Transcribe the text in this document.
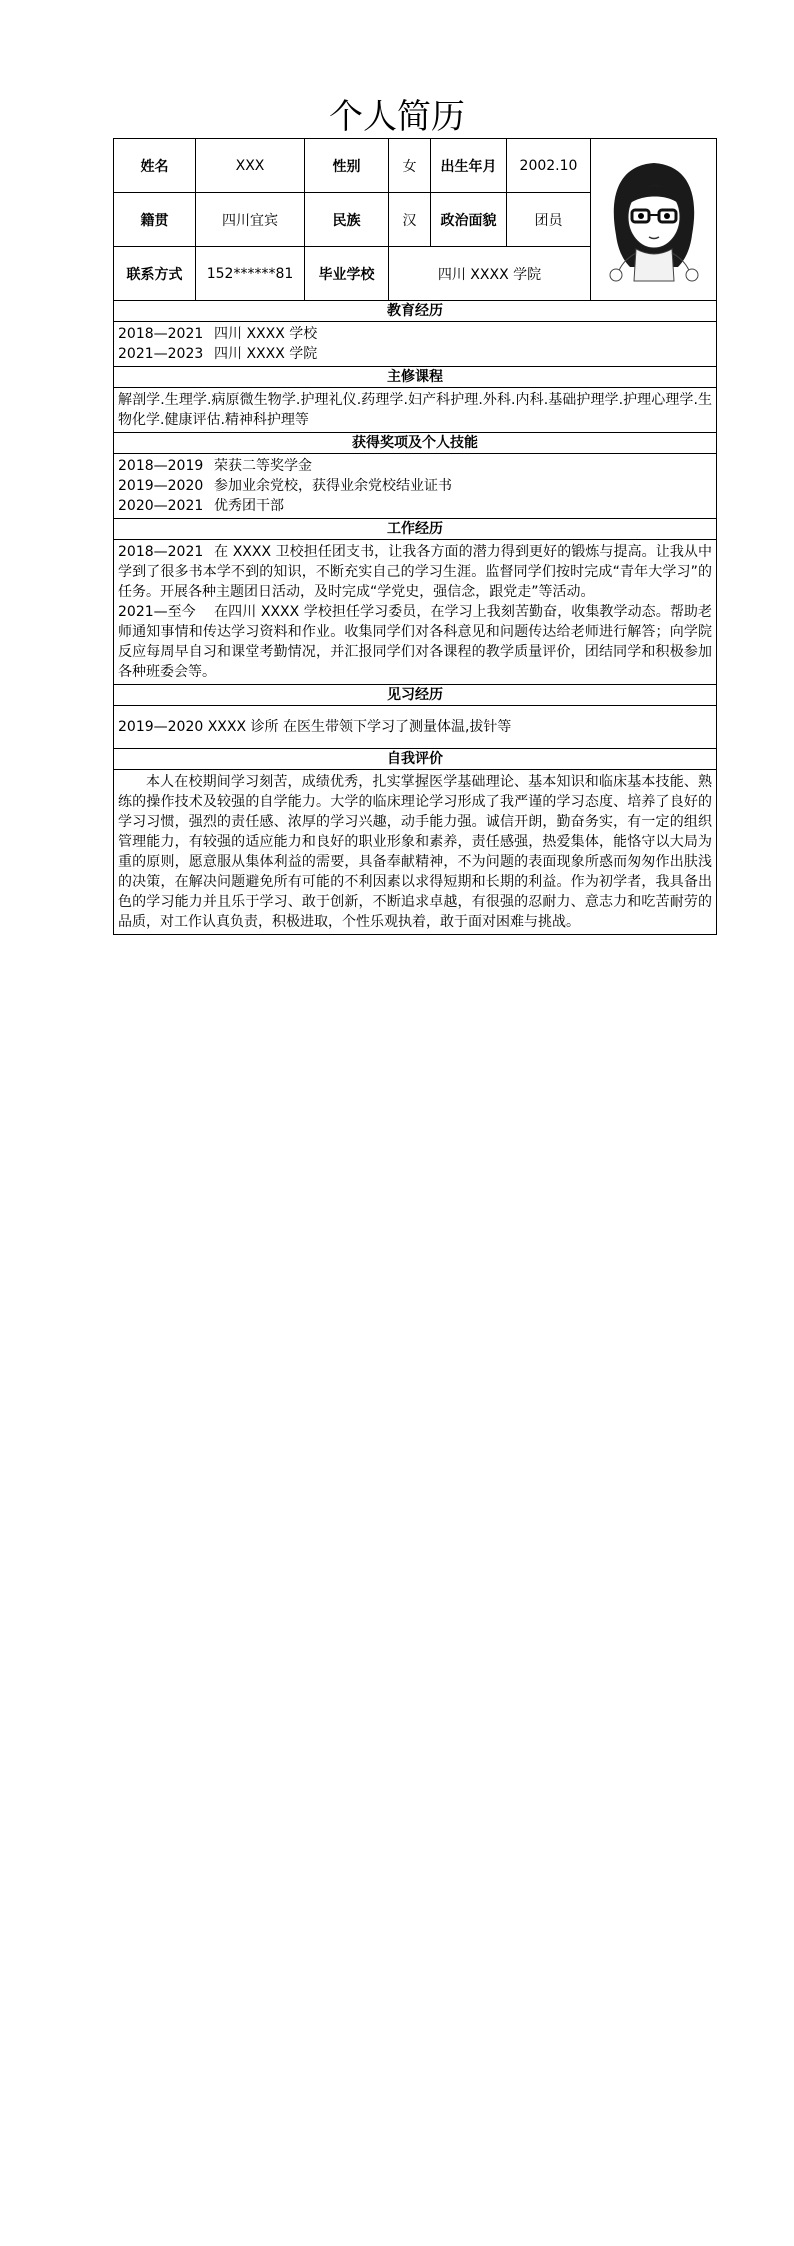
个人简历
姓名	XXX	性别	女	出生年月	2002.10	
籍贯	四川宜宾	民族	汉	政治面貌	团员	
联系方式	152******81	毕业学校	四川 XXXX 学院			
教育经历						

2018—2021 四川 XXXX 学校
2021—2023 四川 XXXX 学院						

主修课程						
解剖学.生理学.病原微生物学.护理礼仪.药理学.妇产科护理.外科.内科.基础护理学.护理心理学.生物化学.健康评估.精神科护理等						
获得奖项及个人技能						

2018—2019 荣获二等奖学金
2019—2020 参加业余党校，获得业余党校结业证书
2020—2021 优秀团干部						

工作经历						

2018—2021 在 XXXX 卫校担任团支书，让我各方面的潜力得到更好的锻炼与提高。让我从中学到了很多书本学不到的知识，不断充实自己的学习生涯。监督同学们按时完成“青年大学习”的任务。开展各种主题团日活动，及时完成“学党史，强信念，跟党走”等活动。
2021—至今 在四川 XXXX 学校担任学习委员，在学习上我刻苦勤奋，收集教学动态。帮助老师通知事情和传达学习资料和作业。收集同学们对各科意见和问题传达给老师进行解答；向学院反应每周早自习和课堂考勤情况，并汇报同学们对各课程的教学质量评价，团结同学和积极参加各种班委会等。						

见习经历						
2019—2020 XXXX 诊所 在医生带领下学习了测量体温,拔针等						
自我评价						
本人在校期间学习刻苦，成绩优秀，扎实掌握医学基础理论、基本知识和临床基本技能、熟练的操作技术及较强的自学能力。大学的临床理论学习形成了我严谨的学习态度、培养了良好的学习习惯，强烈的责任感、浓厚的学习兴趣，动手能力强。诚信开朗，勤奋务实，有一定的组织管理能力，有较强的适应能力和良好的职业形象和素养，责任感强，热爱集体，能恪守以大局为重的原则，愿意服从集体利益的需要，具备奉献精神，不为问题的表面现象所惑而匆匆作出肤浅的决策，在解决问题避免所有可能的不利因素以求得短期和长期的利益。作为初学者，我具备出色的学习能力并且乐于学习、敢于创新，不断追求卓越，有很强的忍耐力、意志力和吃苦耐劳的品质，对工作认真负责，积极进取，个性乐观执着，敢于面对困难与挑战。						
